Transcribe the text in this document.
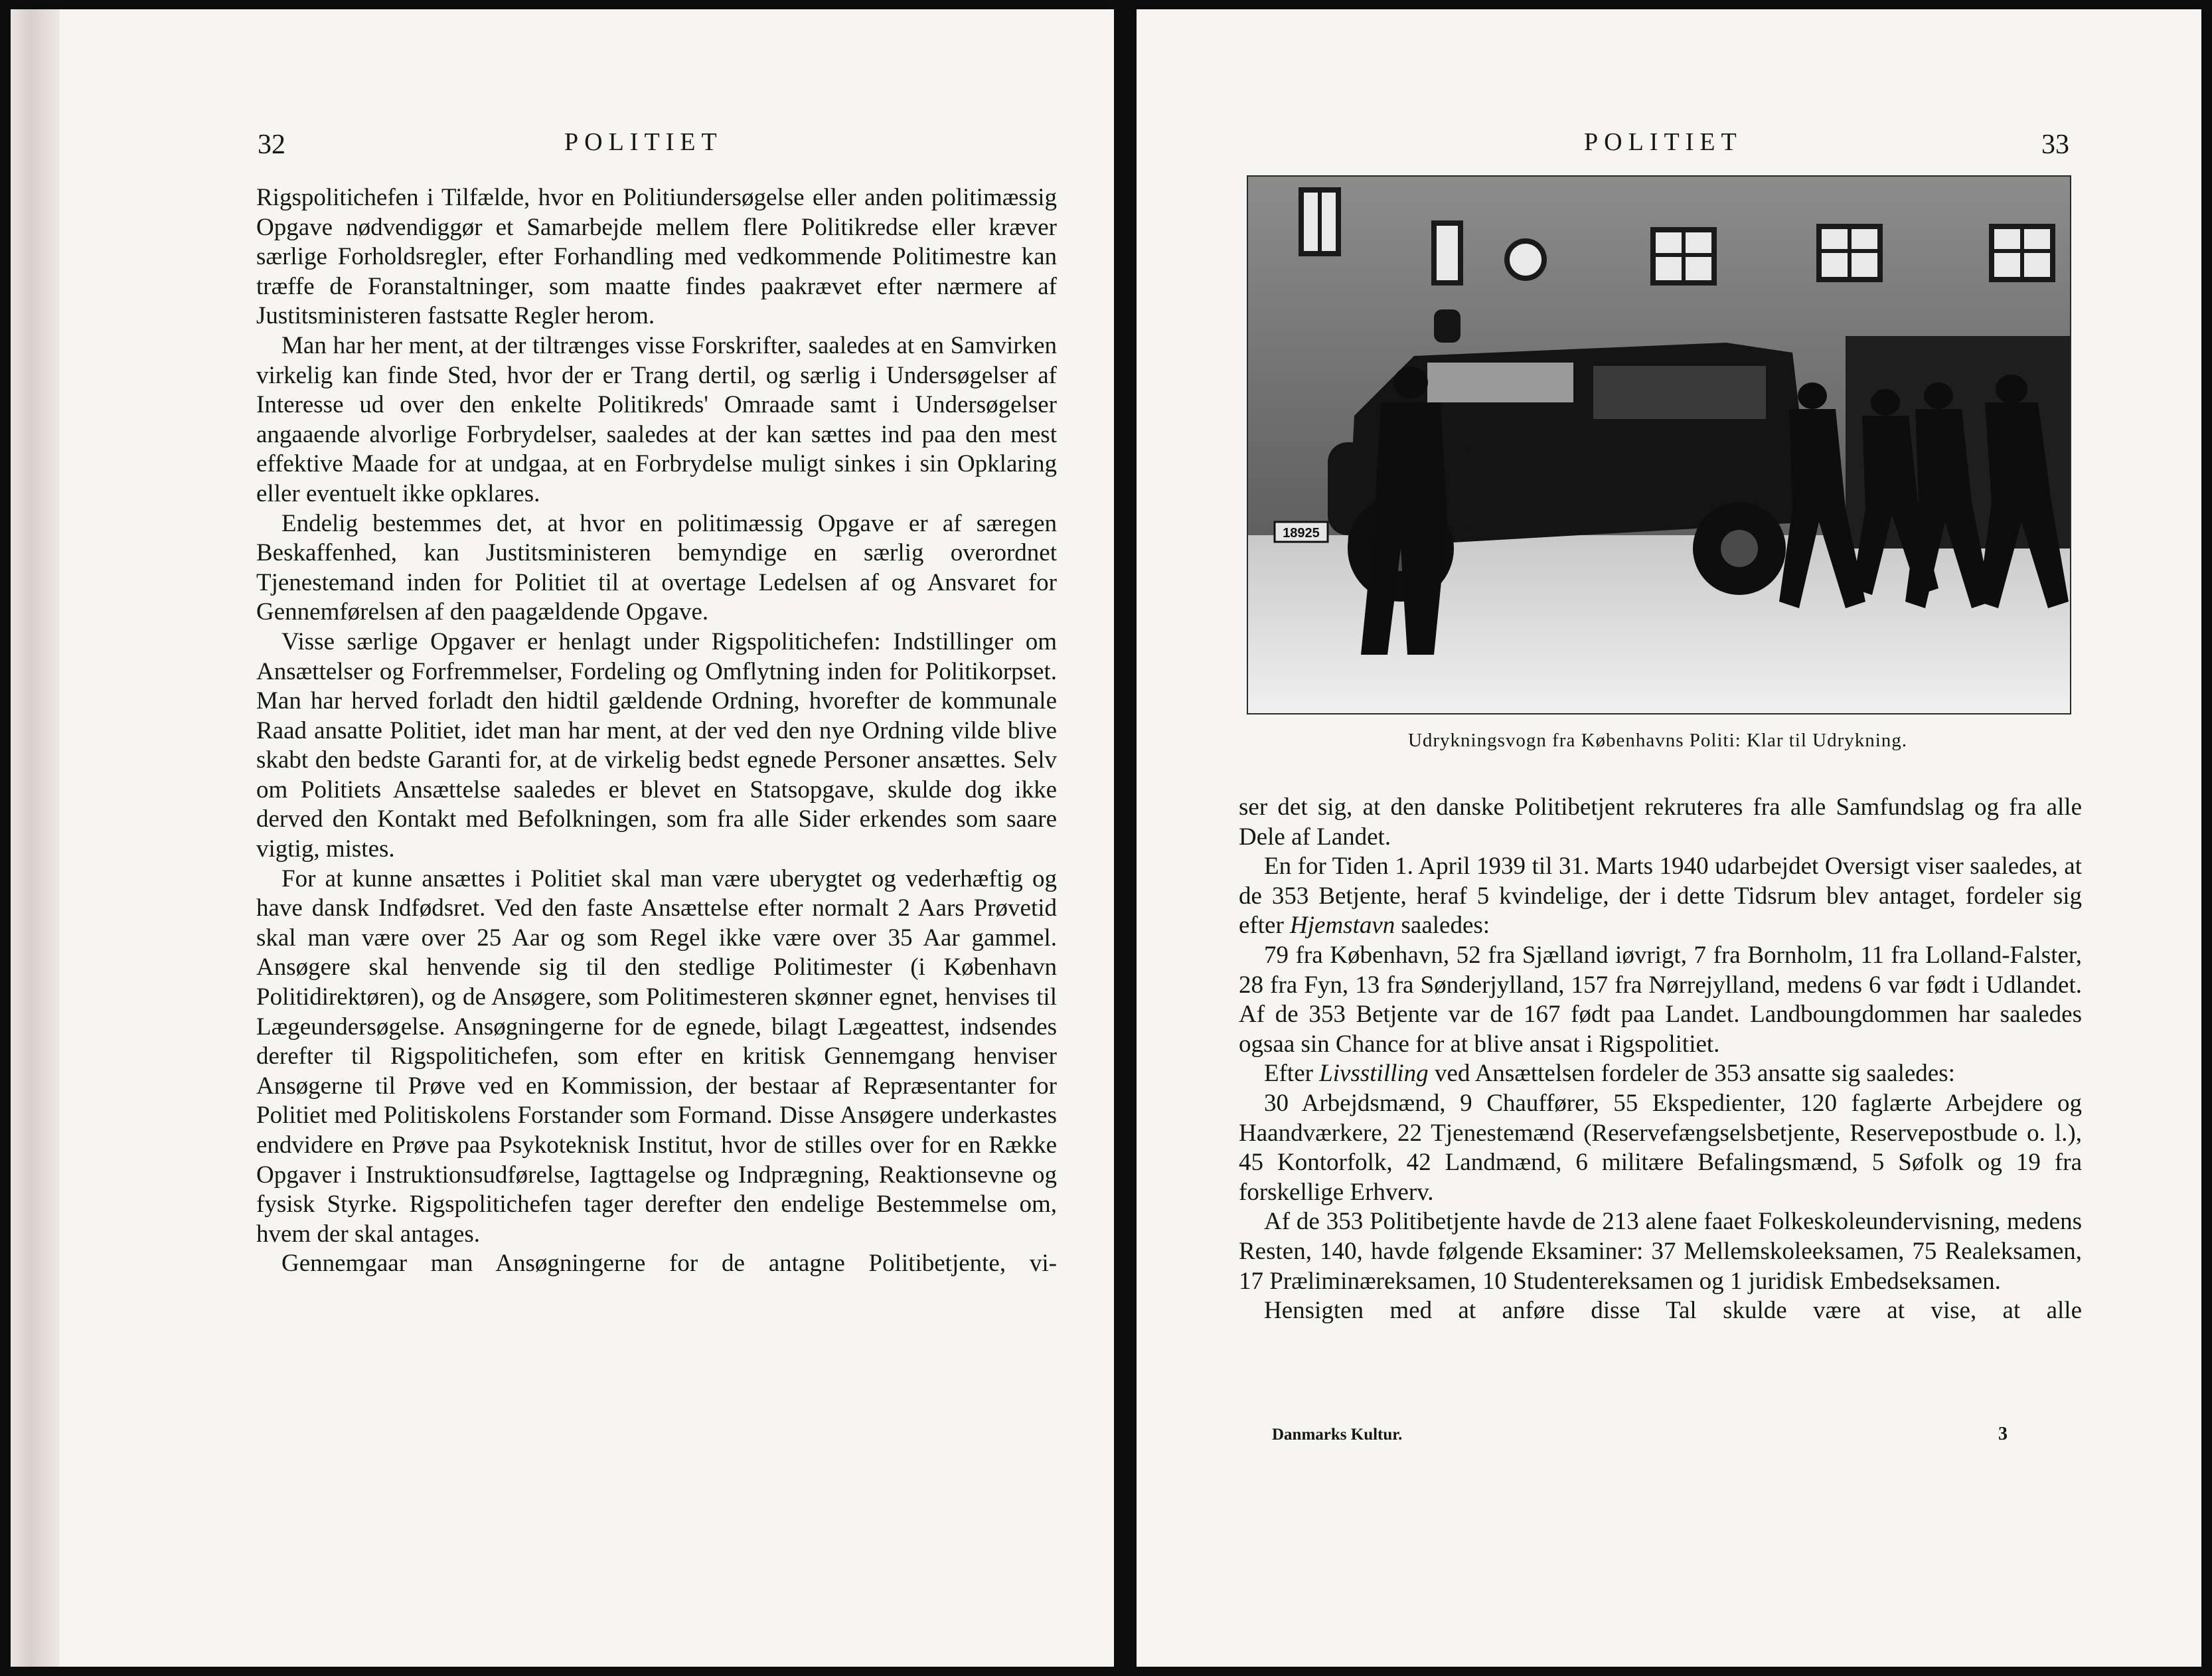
32	POLITIET

Rigspolitichefen i Tilfælde, hvor en Politiundersøgelse eller anden politimæssig Opgave nødvendiggør et Samarbejde mellem flere Politikredse eller kræver særlige Forholdsregler, efter Forhandling med vedkommende Politimestre kan træffe de Foranstaltninger, som maatte findes paakrævet efter nærmere af Justitsministeren fastsatte Regler herom.

Man har her ment, at der tiltrænges visse Forskrifter, saaledes at en Samvirken virkelig kan finde Sted, hvor der er Trang dertil, og særlig i Undersøgelser af Interesse ud over den enkelte Politikreds' Omraade samt i Undersøgelser angaaende alvorlige Forbrydelser, saaledes at der kan sættes ind paa den mest effektive Maade for at undgaa, at en Forbrydelse muligt sinkes i sin Opklaring eller eventuelt ikke opklares.

Endelig bestemmes det, at hvor en politimæssig Opgave er af særegen Beskaffenhed, kan Justitsministeren bemyndige en særlig overordnet Tjenestemand inden for Politiet til at overtage Ledelsen af og Ansvaret for Gennemførelsen af den paagældende Opgave.

Visse særlige Opgaver er henlagt under Rigspolitichefen: Indstillinger om Ansættelser og Forfremmelser, Fordeling og Omflytning inden for Politikorpset. Man har herved forladt den hidtil gældende Ordning, hvorefter de kommunale Raad ansatte Politiet, idet man har ment, at der ved den nye Ordning vilde blive skabt den bedste Garanti for, at de virkelig bedst egnede Personer ansættes. Selv om Politiets Ansættelse saaledes er blevet en Statsopgave, skulde dog ikke derved den Kontakt med Befolkningen, som fra alle Sider erkendes som saare vigtig, mistes.

For at kunne ansættes i Politiet skal man være uberygtet og vederhæftig og have dansk Indfødsret. Ved den faste Ansættelse efter normalt 2 Aars Prøvetid skal man være over 25 Aar og som Regel ikke være over 35 Aar gammel. Ansøgere skal henvende sig til den stedlige Politimester (i København Politidirektøren), og de Ansøgere, som Politimesteren skønner egnet, henvises til Lægeundersøgelse. Ansøgningerne for de egnede, bilagt Lægeattest, indsendes derefter til Rigspolitichefen, som efter en kritisk Gennemgang henviser Ansøgerne til Prøve ved en Kommission, der bestaar af Repræsentanter for Politiet med Politiskolens Forstander som Formand. Disse Ansøgere underkastes endvidere en Prøve paa Psykoteknisk Institut, hvor de stilles over for en Række Opgaver i Instruktionsudførelse, Iagttagelse og Indprægning, Reaktionsevne og fysisk Styrke. Rigspolitichefen tager derefter den endelige Bestemmelse om, hvem der skal antages.

Gennemgaar man Ansøgningerne for de antagne Politibetjente, vi-

POLITIET	33

18925

Udrykningsvogn fra Københavns Politi: Klar til Udrykning.

ser det sig, at den danske Politibetjent rekruteres fra alle Samfundslag og fra alle Dele af Landet.

En for Tiden 1. April 1939 til 31. Marts 1940 udarbejdet Oversigt viser saaledes, at de 353 Betjente, heraf 5 kvindelige, der i dette Tidsrum blev antaget, fordeler sig efter Hjemstavn saaledes:

79 fra København, 52 fra Sjælland iøvrigt, 7 fra Bornholm, 11 fra Lolland-Falster, 28 fra Fyn, 13 fra Sønderjylland, 157 fra Nørrejylland, medens 6 var født i Udlandet. Af de 353 Betjente var de 167 født paa Landet. Landboungdommen har saaledes ogsaa sin Chance for at blive ansat i Rigspolitiet.

Efter Livsstilling ved Ansættelsen fordeler de 353 ansatte sig saaledes:

30 Arbejdsmænd, 9 Chauffører, 55 Ekspedienter, 120 faglærte Arbejdere og Haandværkere, 22 Tjenestemænd (Reservefængselsbetjente, Reservepostbude o. l.), 45 Kontorfolk, 42 Landmænd, 6 militære Befalingsmænd, 5 Søfolk og 19 fra forskellige Erhverv.

Af de 353 Politibetjente havde de 213 alene faaet Folkeskoleundervisning, medens Resten, 140, havde følgende Eksaminer: 37 Mellemskoleeksamen, 75 Realeksamen, 17 Præliminæreksamen, 10 Studentereksamen og 1 juridisk Embedseksamen.

Hensigten med at anføre disse Tal skulde være at vise, at alle

Danmarks Kultur.	3
